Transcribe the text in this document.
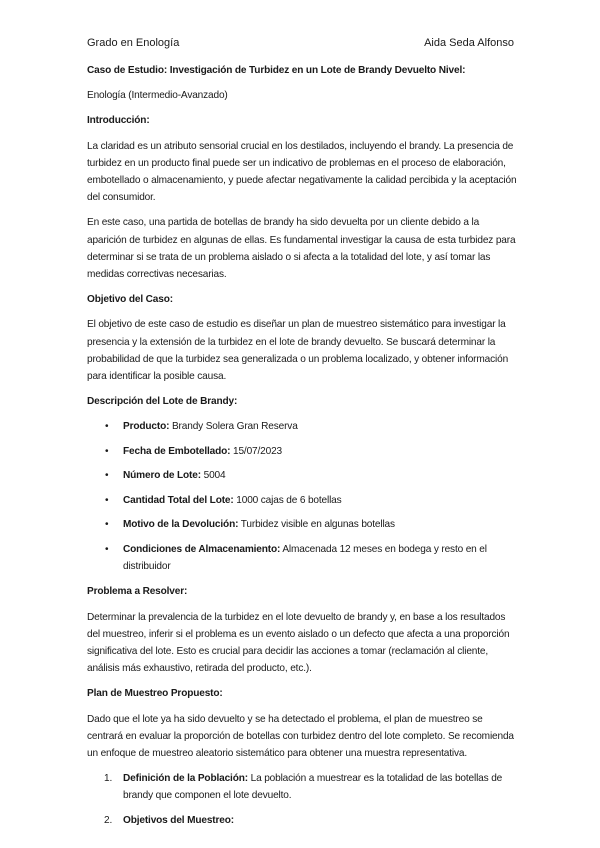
Grado en Enología	Aida Seda Alfonso

Caso de Estudio: Investigación de Turbidez en un Lote de Brandy Devuelto Nivel:

Enología (Intermedio-Avanzado)

Introducción:

La claridad es un atributo sensorial crucial en los destilados, incluyendo el brandy. La presencia de turbidez en un producto final puede ser un indicativo de problemas en el proceso de elaboración, embotellado o almacenamiento, y puede afectar negativamente la calidad percibida y la aceptación del consumidor.

En este caso, una partida de botellas de brandy ha sido devuelta por un cliente debido a la aparición de turbidez en algunas de ellas. Es fundamental investigar la causa de esta turbidez para determinar si se trata de un problema aislado o si afecta a la totalidad del lote, y así tomar las medidas correctivas necesarias.

Objetivo del Caso:

El objetivo de este caso de estudio es diseñar un plan de muestreo sistemático para investigar la presencia y la extensión de la turbidez en el lote de brandy devuelto. Se buscará determinar la probabilidad de que la turbidez sea generalizada o un problema localizado, y obtener información para identificar la posible causa.

Descripción del Lote de Brandy:

• Producto: Brandy Solera Gran Reserva
• Fecha de Embotellado: 15/07/2023
• Número de Lote: 5004
• Cantidad Total del Lote: 1000 cajas de 6 botellas
• Motivo de la Devolución: Turbidez visible en algunas botellas
• Condiciones de Almacenamiento: Almacenada 12 meses en bodega y resto en el distribuidor

Problema a Resolver:

Determinar la prevalencia de la turbidez en el lote devuelto de brandy y, en base a los resultados del muestreo, inferir si el problema es un evento aislado o un defecto que afecta a una proporción significativa del lote. Esto es crucial para decidir las acciones a tomar (reclamación al cliente, análisis más exhaustivo, retirada del producto, etc.).

Plan de Muestreo Propuesto:

Dado que el lote ya ha sido devuelto y se ha detectado el problema, el plan de muestreo se centrará en evaluar la proporción de botellas con turbidez dentro del lote completo. Se recomienda un enfoque de muestreo aleatorio sistemático para obtener una muestra representativa.

1. Definición de la Población: La población a muestrear es la totalidad de las botellas de brandy que componen el lote devuelto.
2. Objetivos del Muestreo:
